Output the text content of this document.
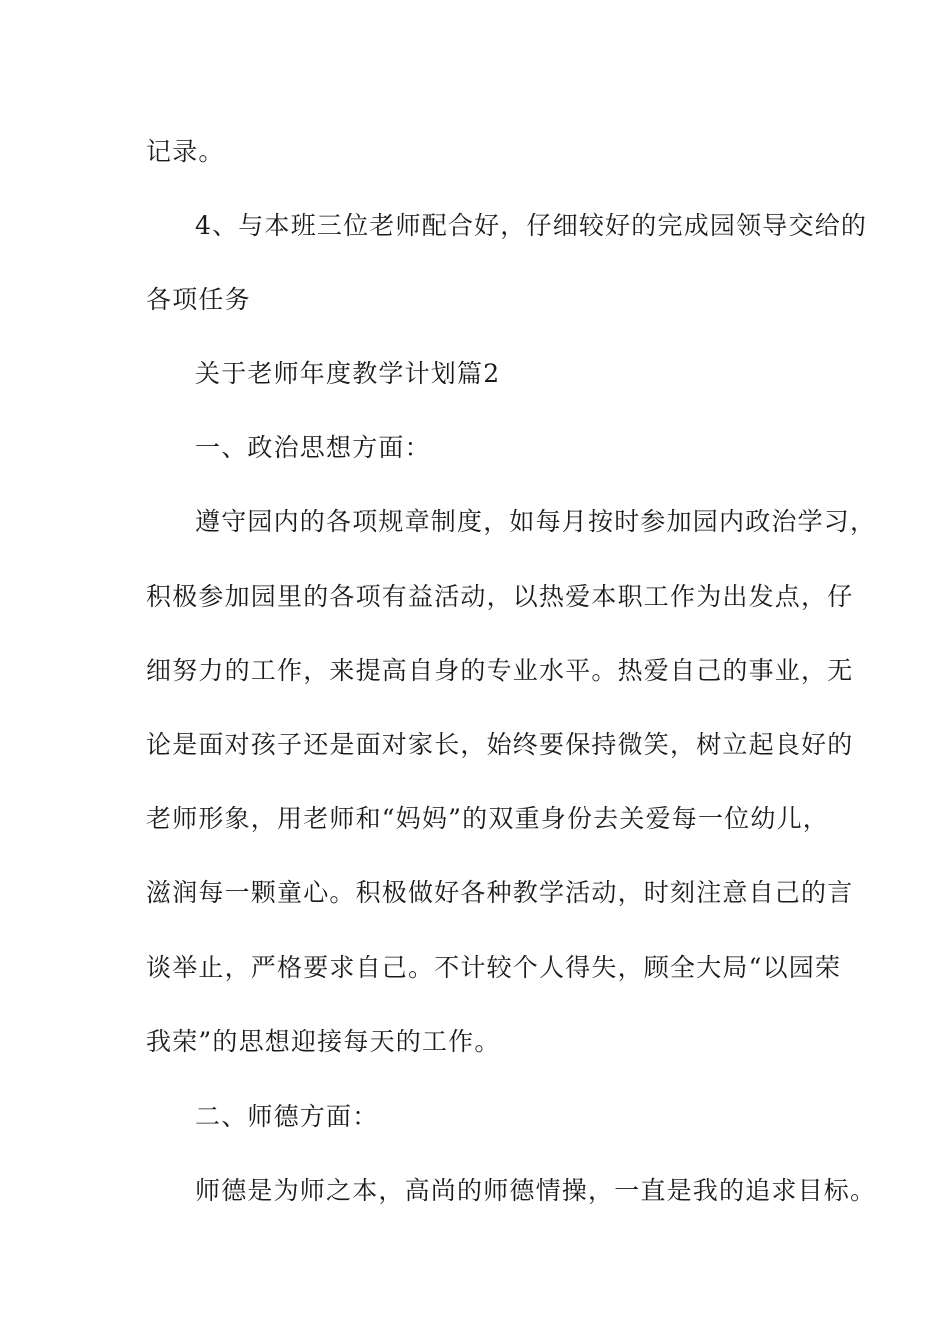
记录。
4、与本班三位老师配合好，仔细较好的完成园领导交给的
各项任务
关于老师年度教学计划篇2
一、政治思想方面：
遵守园内的各项规章制度，如每月按时参加园内政治学习，
积极参加园里的各项有益活动，以热爱本职工作为出发点，仔
细努力的工作，来提高自身的专业水平。热爱自己的事业，无
论是面对孩子还是面对家长，始终要保持微笑，树立起良好的
老师形象，用老师和“妈妈”的双重身份去关爱每一位幼儿，
滋润每一颗童心。积极做好各种教学活动，时刻注意自己的言
谈举止，严格要求自己。不计较个人得失，顾全大局“以园荣
我荣”的思想迎接每天的工作。
二、师德方面：
师德是为师之本，高尚的师德情操，一直是我的追求目标。
